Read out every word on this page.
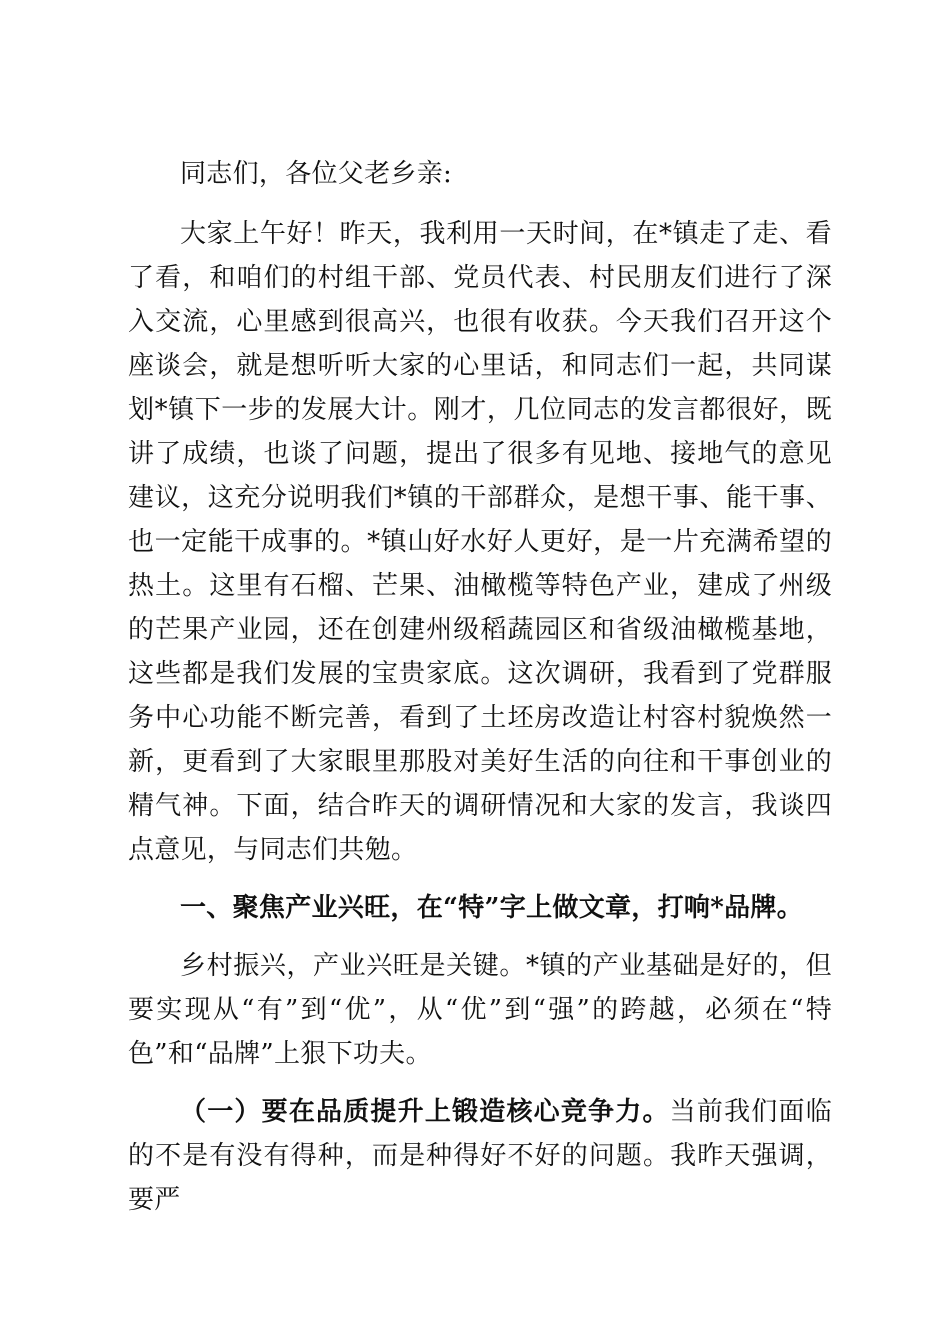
同志们，各位父老乡亲:

大家上午好！昨天，我利用一天时间，在*镇走了走、看了看，和咱们的村组干部、党员代表、村民朋友们进行了深入交流，心里感到很高兴，也很有收获。今天我们召开这个座谈会，就是想听听大家的心里话，和同志们一起，共同谋划*镇下一步的发展大计。刚才，几位同志的发言都很好，既讲了成绩，也谈了问题，提出了很多有见地、接地气的意见建议，这充分说明我们*镇的干部群众，是想干事、能干事、也一定能干成事的。*镇山好水好人更好，是一片充满希望的热土。这里有石榴、芒果、油橄榄等特色产业，建成了州级的芒果产业园，还在创建州级稻蔬园区和省级油橄榄基地，这些都是我们发展的宝贵家底。这次调研，我看到了党群服务中心功能不断完善，看到了土坯房改造让村容村貌焕然一新，更看到了大家眼里那股对美好生活的向往和干事创业的精气神。下面，结合昨天的调研情况和大家的发言，我谈四点意见，与同志们共勉。

一、聚焦产业兴旺，在“特”字上做文章，打响*品牌。

乡村振兴，产业兴旺是关键。*镇的产业基础是好的，但要实现从“有”到“优”，从“优”到“强”的跨越，必须在“特色”和“品牌”上狠下功夫。

（一）要在品质提升上锻造核心竞争力。当前我们面临的不是有没有得种，而是种得好不好的问题。我昨天强调，要严
